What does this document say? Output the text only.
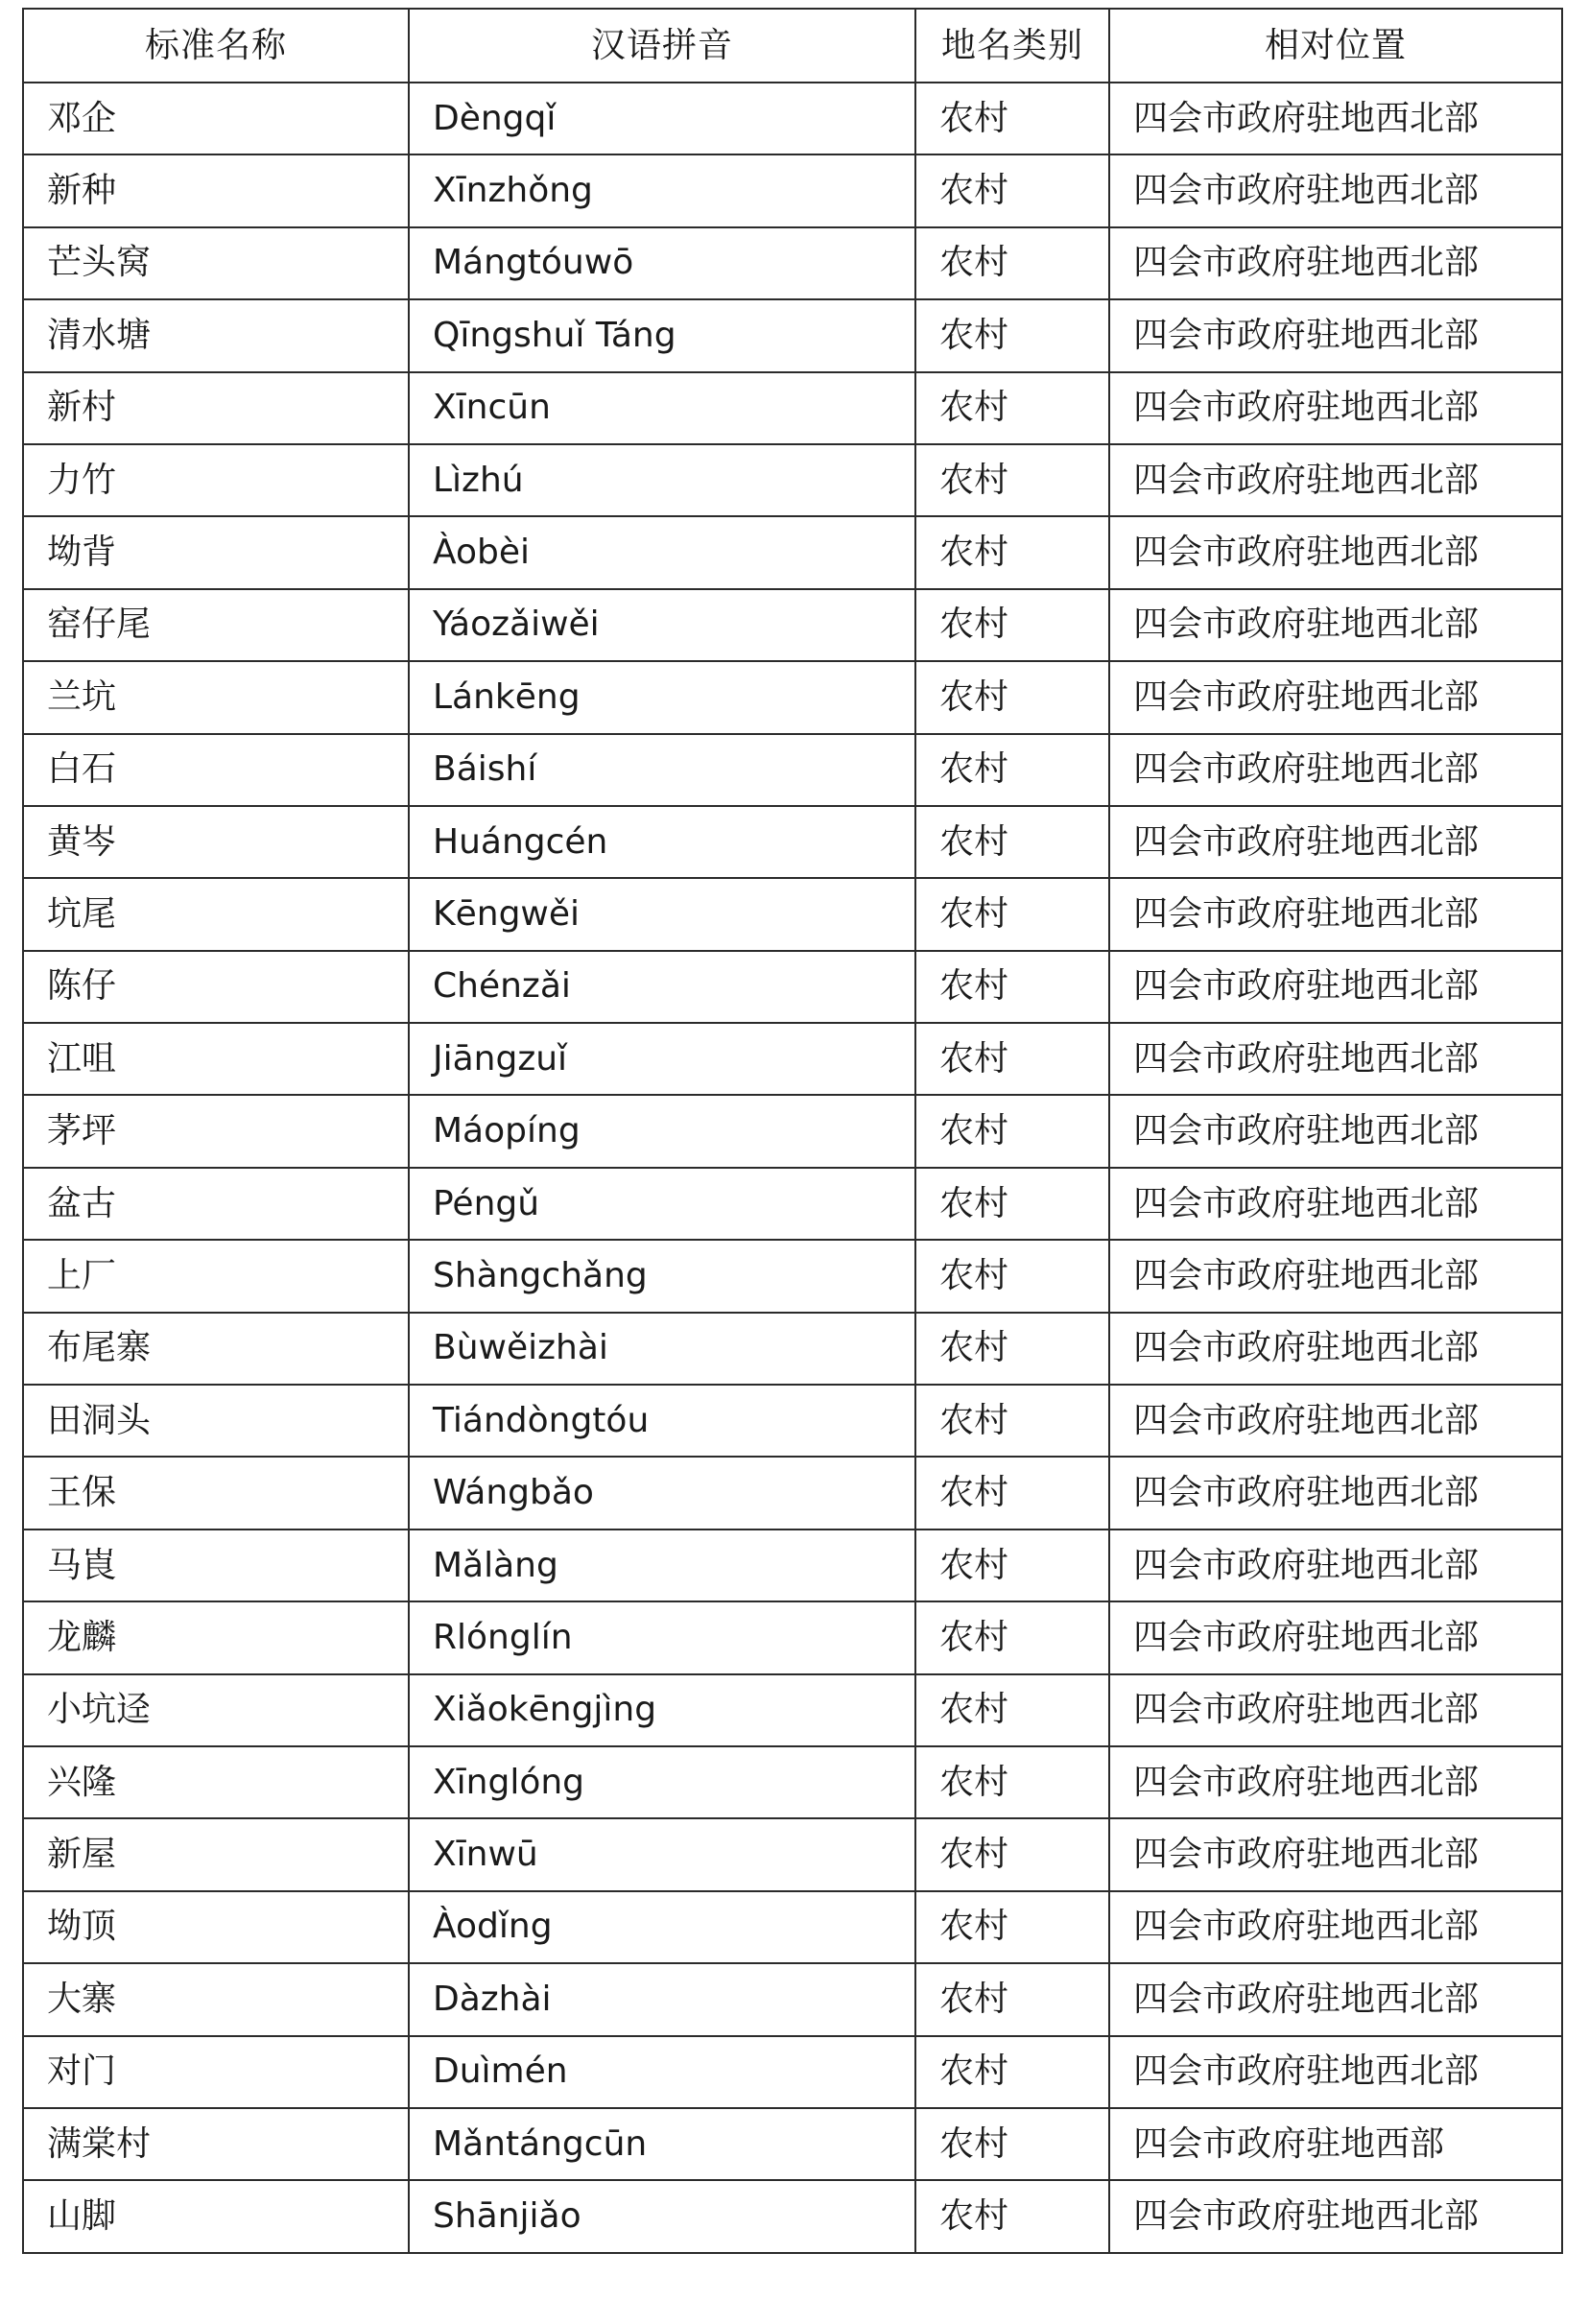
标准名称	汉语拼音	地名类别	相对位置
邓企	Dèngqǐ	农村	四会市政府驻地西北部
新种	Xīnzhǒng	农村	四会市政府驻地西北部
芒头窝	Mángtóuwō	农村	四会市政府驻地西北部
清水塘	Qīngshuǐ Táng	农村	四会市政府驻地西北部
新村	Xīncūn	农村	四会市政府驻地西北部
力竹	Lìzhú	农村	四会市政府驻地西北部
坳背	Àobèi	农村	四会市政府驻地西北部
窑仔尾	Yáozǎiwěi	农村	四会市政府驻地西北部
兰坑	Lánkēng	农村	四会市政府驻地西北部
白石	Báishí	农村	四会市政府驻地西北部
黄岑	Huángcén	农村	四会市政府驻地西北部
坑尾	Kēngwěi	农村	四会市政府驻地西北部
陈仔	Chénzǎi	农村	四会市政府驻地西北部
江咀	Jiāngzuǐ	农村	四会市政府驻地西北部
茅坪	Máopíng	农村	四会市政府驻地西北部
盆古	Péngǔ	农村	四会市政府驻地西北部
上厂	Shàngchǎng	农村	四会市政府驻地西北部
布尾寨	Bùwěizhài	农村	四会市政府驻地西北部
田洞头	Tiándòngtóu	农村	四会市政府驻地西北部
王保	Wángbǎo	农村	四会市政府驻地西北部
马崀	Mǎlàng	农村	四会市政府驻地西北部
龙麟	Rlónglín	农村	四会市政府驻地西北部
小坑迳	Xiǎokēngjìng	农村	四会市政府驻地西北部
兴隆	Xīnglóng	农村	四会市政府驻地西北部
新屋	Xīnwū	农村	四会市政府驻地西北部
坳顶	Àodǐng	农村	四会市政府驻地西北部
大寨	Dàzhài	农村	四会市政府驻地西北部
对门	Duìmén	农村	四会市政府驻地西北部
满棠村	Mǎntángcūn	农村	四会市政府驻地西部
山脚	Shānjiǎo	农村	四会市政府驻地西北部
